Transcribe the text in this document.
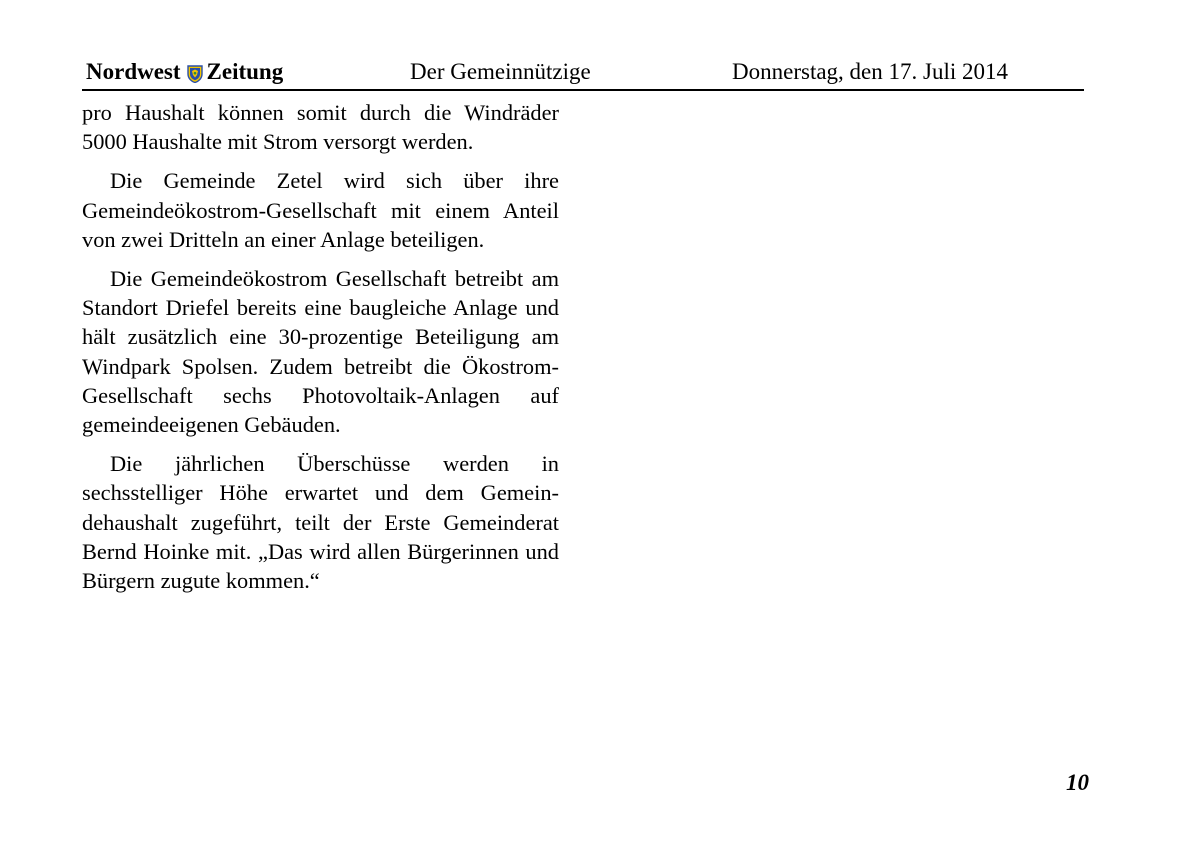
Nordwest Zeitung	Der Gemeinnützige	Donnerstag, den 17. Juli 2014

pro Haushalt können somit durch die Windräder 5000 Haushalte mit Strom versorgt werden.

Die Gemeinde Zetel wird sich über ihre Gemeindeökostrom-Gesellschaft mit einem Anteil von zwei Dritteln an einer Anlage beteiligen.

Die Gemeindeökostrom Gesellschaft betreibt am Standort Driefel bereits eine baugleiche Anlage und hält zusätzlich eine 30-prozentige Beteiligung am Windpark Spolsen. Zudem betreibt die Ökostrom-Gesellschaft sechs Photovoltaik-Anlagen auf gemeindeeigenen Gebäuden.

Die jährlichen Überschüsse werden in sechsstelliger Höhe erwartet und dem Gemeindehaushalt zugeführt, teilt der Erste Gemeinderat Bernd Hoinke mit. „Das wird allen Bürgerinnen und Bürgern zugute kommen.“

10
